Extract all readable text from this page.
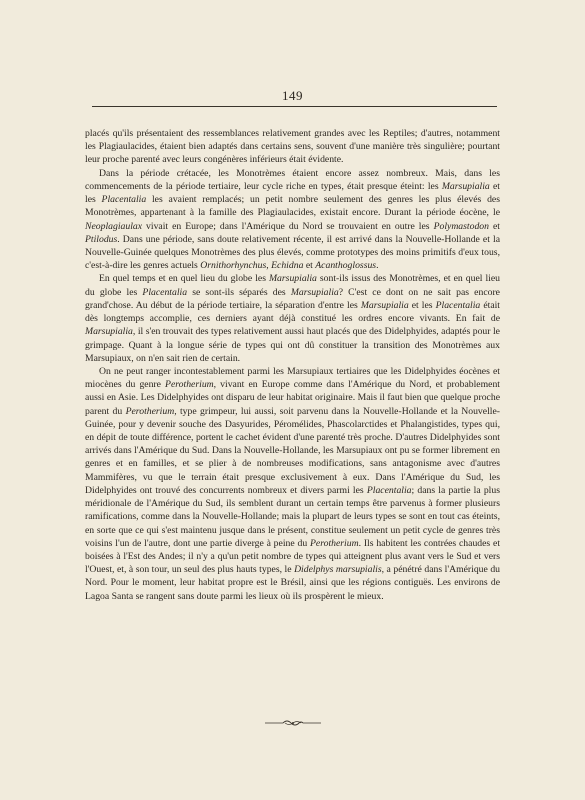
149

placés qu'ils présentaient des ressemblances relativement grandes avec les Reptiles; d'autres, notamment les Plagiaulacides, étaient bien adaptés dans certains sens, souvent d'une manière très singulière; pourtant leur proche parenté avec leurs congénères inférieurs était évidente.

Dans la période crétacée, les Monotrèmes étaient encore assez nombreux. Mais, dans les commencements de la période tertiaire, leur cycle riche en types, était presque éteint: les Marsupialia et les Placentalia les avaient remplacés; un petit nombre seulement des genres les plus élevés des Monotrèmes, appartenant à la famille des Plagiaulacides, existait encore. Durant la période éocène, le Neoplagiaulax vivait en Europe; dans l'Amérique du Nord se trouvaient en outre les Polymastodon et Ptilodus. Dans une période, sans doute relativement récente, il est arrivé dans la Nouvelle-Hollande et la Nouvelle-Guinée quelques Monotrèmes des plus élevés, comme prototypes des moins primitifs d'eux tous, c'est-à-dire les genres actuels Ornithorhynchus, Echidna et Acanthoglossus.

En quel temps et en quel lieu du globe les Marsupialia sont-ils issus des Monotrèmes, et en quel lieu du globe les Placentalia se sont-ils séparés des Marsupialia? C'est ce dont on ne sait pas encore grand'chose. Au début de la période tertiaire, la séparation d'entre les Marsupialia et les Placentalia était dès longtemps accomplie, ces derniers ayant déjà constitué les ordres encore vivants. En fait de Marsupialia, il s'en trouvait des types relativement aussi haut placés que des Didelphyides, adaptés pour le grimpage. Quant à la longue série de types qui ont dû constituer la transition des Monotrèmes aux Marsupiaux, on n'en sait rien de certain.

On ne peut ranger incontestablement parmi les Marsupiaux tertiaires que les Didelphyides éocènes et miocènes du genre Perotherium, vivant en Europe comme dans l'Amérique du Nord, et probablement aussi en Asie. Les Didelphyides ont disparu de leur habitat originaire. Mais il faut bien que quelque proche parent du Perotherium, type grimpeur, lui aussi, soit parvenu dans la Nouvelle-Hollande et la Nouvelle-Guinée, pour y devenir souche des Dasyurides, Péromélides, Phascolarctides et Phalangistides, types qui, en dépit de toute différence, portent le cachet évident d'une parenté très proche. D'autres Didelphyides sont arrivés dans l'Amérique du Sud. Dans la Nouvelle-Hollande, les Marsupiaux ont pu se former librement en genres et en familles, et se plier à de nombreuses modifications, sans antagonisme avec d'autres Mammifères, vu que le terrain était presque exclusivement à eux. Dans l'Amérique du Sud, les Didelphyides ont trouvé des concurrents nombreux et divers parmi les Placentalia; dans la partie la plus méridionale de l'Amérique du Sud, ils semblent durant un certain temps être parvenus à former plusieurs ramifications, comme dans la Nouvelle-Hollande; mais la plupart de leurs types se sont en tout cas éteints, en sorte que ce qui s'est maintenu jusque dans le présent, constitue seulement un petit cycle de genres très voisins l'un de l'autre, dont une partie diverge à peine du Perotherium. Ils habitent les contrées chaudes et boisées à l'Est des Andes; il n'y a qu'un petit nombre de types qui atteignent plus avant vers le Sud et vers l'Ouest, et, à son tour, un seul des plus hauts types, le Didelphys marsupialis, a pénétré dans l'Amérique du Nord. Pour le moment, leur habitat propre est le Brésil, ainsi que les régions contiguës. Les environs de Lagoa Santa se rangent sans doute parmi les lieux où ils prospèrent le mieux.
